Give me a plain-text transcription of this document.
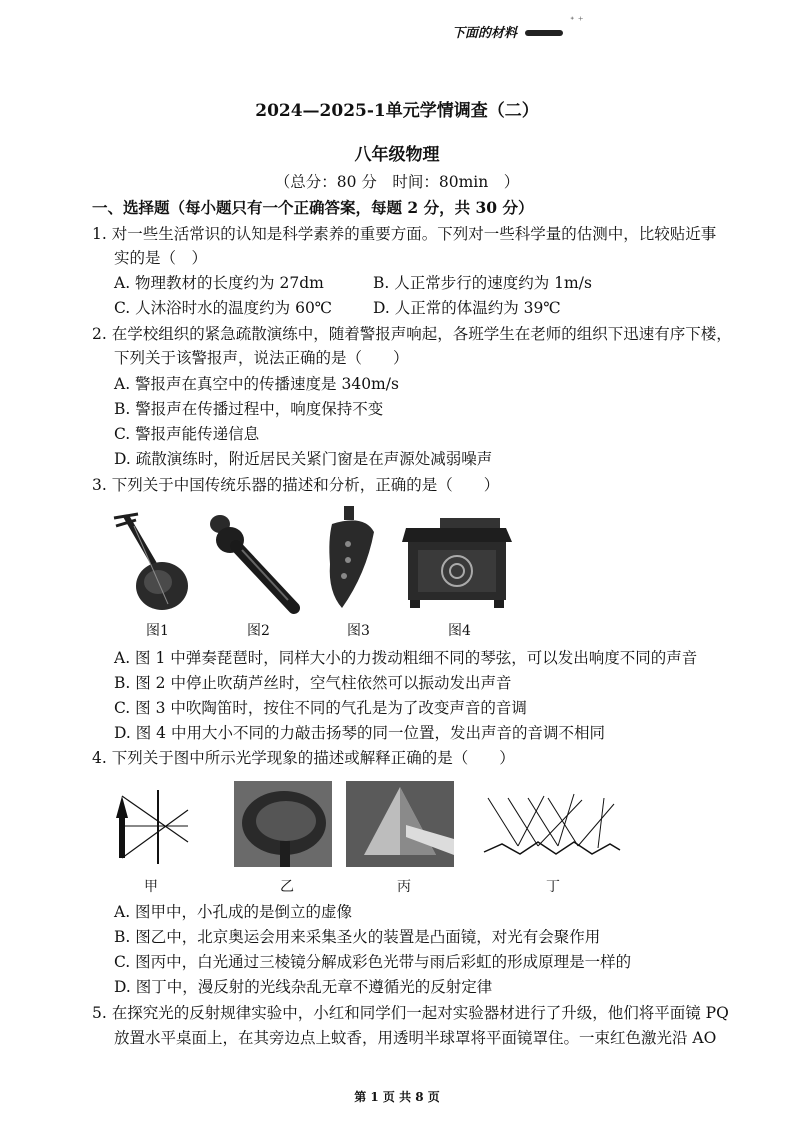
下面的材料
ᐩ ⁺
2024—2025-1单元学情调查（二）
八年级物理
（总分：80 分　时间：80min　）
一、选择题（每小题只有一个正确答案，每题 2 分，共 30 分）
1. 对一些生活常识的认知是科学素养的重要方面。下列对一些科学量的估测中，比较贴近事
实的是（　）
A. 物理教材的长度约为 27dm	B. 人正常步行的速度约为 1m/s
C. 人沐浴时水的温度约为 60℃	D. 人正常的体温约为 39℃
2. 在学校组织的紧急疏散演练中，随着警报声响起，各班学生在老师的组织下迅速有序下楼，
下列关于该警报声，说法正确的是（　　）
A. 警报声在真空中的传播速度是 340m/s
B. 警报声在传播过程中，响度保持不变
C. 警报声能传递信息
D. 疏散演练时，附近居民关紧门窗是在声源处减弱噪声
3. 下列关于中国传统乐器的描述和分析，正确的是（　　）
图1	图2	图3	图4
A. 图 1 中弹奏琵琶时，同样大小的力拨动粗细不同的琴弦，可以发出响度不同的声音
B. 图 2 中停止吹葫芦丝时，空气柱依然可以振动发出声音
C. 图 3 中吹陶笛时，按住不同的气孔是为了改变声音的音调
D. 图 4 中用大小不同的力敲击扬琴的同一位置，发出声音的音调不相同
4. 下列关于图中所示光学现象的描述或解释正确的是（　　）
甲	乙	丙	丁
A. 图甲中，小孔成的是倒立的虚像
B. 图乙中，北京奥运会用来采集圣火的装置是凸面镜，对光有会聚作用
C. 图丙中，白光通过三棱镜分解成彩色光带与雨后彩虹的形成原理是一样的
D. 图丁中，漫反射的光线杂乱无章不遵循光的反射定律
5. 在探究光的反射规律实验中，小红和同学们一起对实验器材进行了升级，他们将平面镜 PQ
放置水平桌面上，在其旁边点上蚊香，用透明半球罩将平面镜罩住。一束红色激光沿 AO
第 1 页 共 8 页
